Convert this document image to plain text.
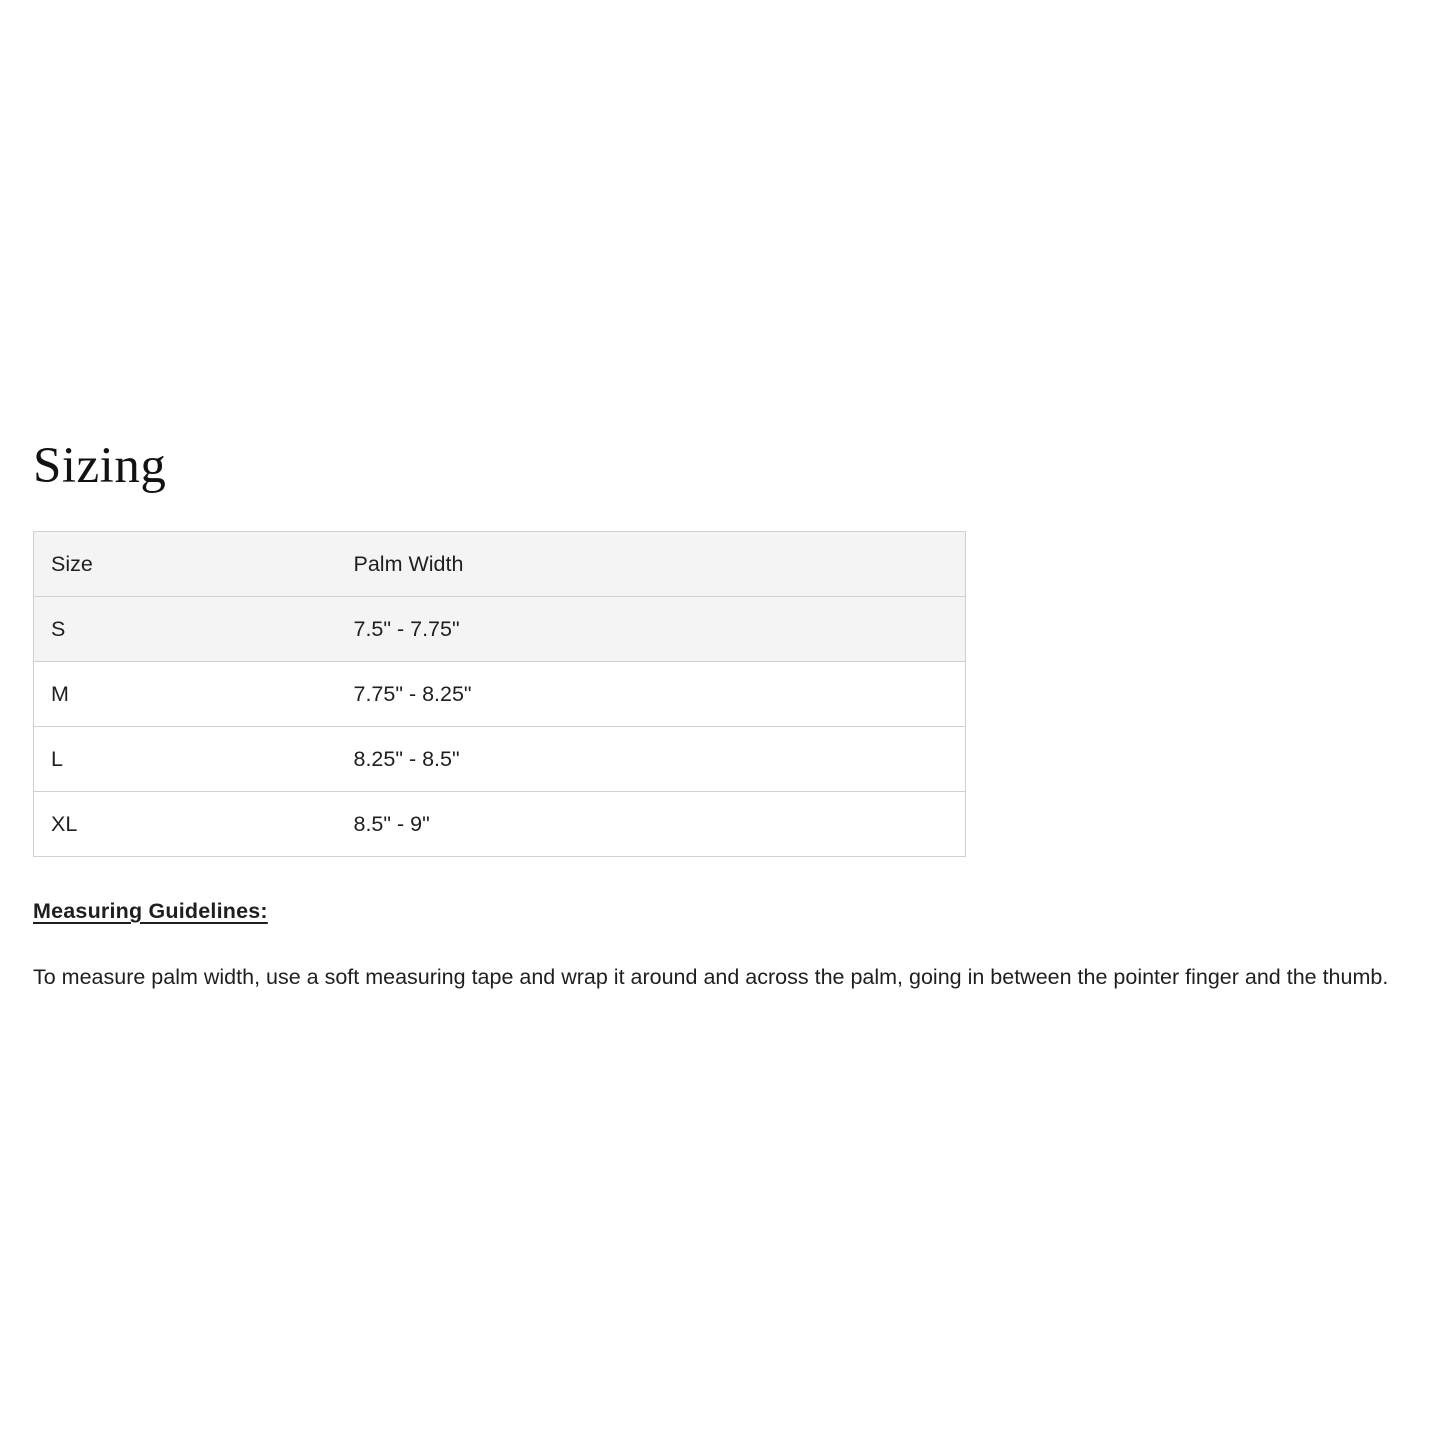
Sizing
Size	Palm Width
S	7.5" - 7.75"
M	7.75" - 8.25"
L	8.25" - 8.5"
XL	8.5" - 9"

Measuring Guidelines:

To measure palm width, use a soft measuring tape and wrap it around and across the palm, going in between the pointer finger and the thumb.
